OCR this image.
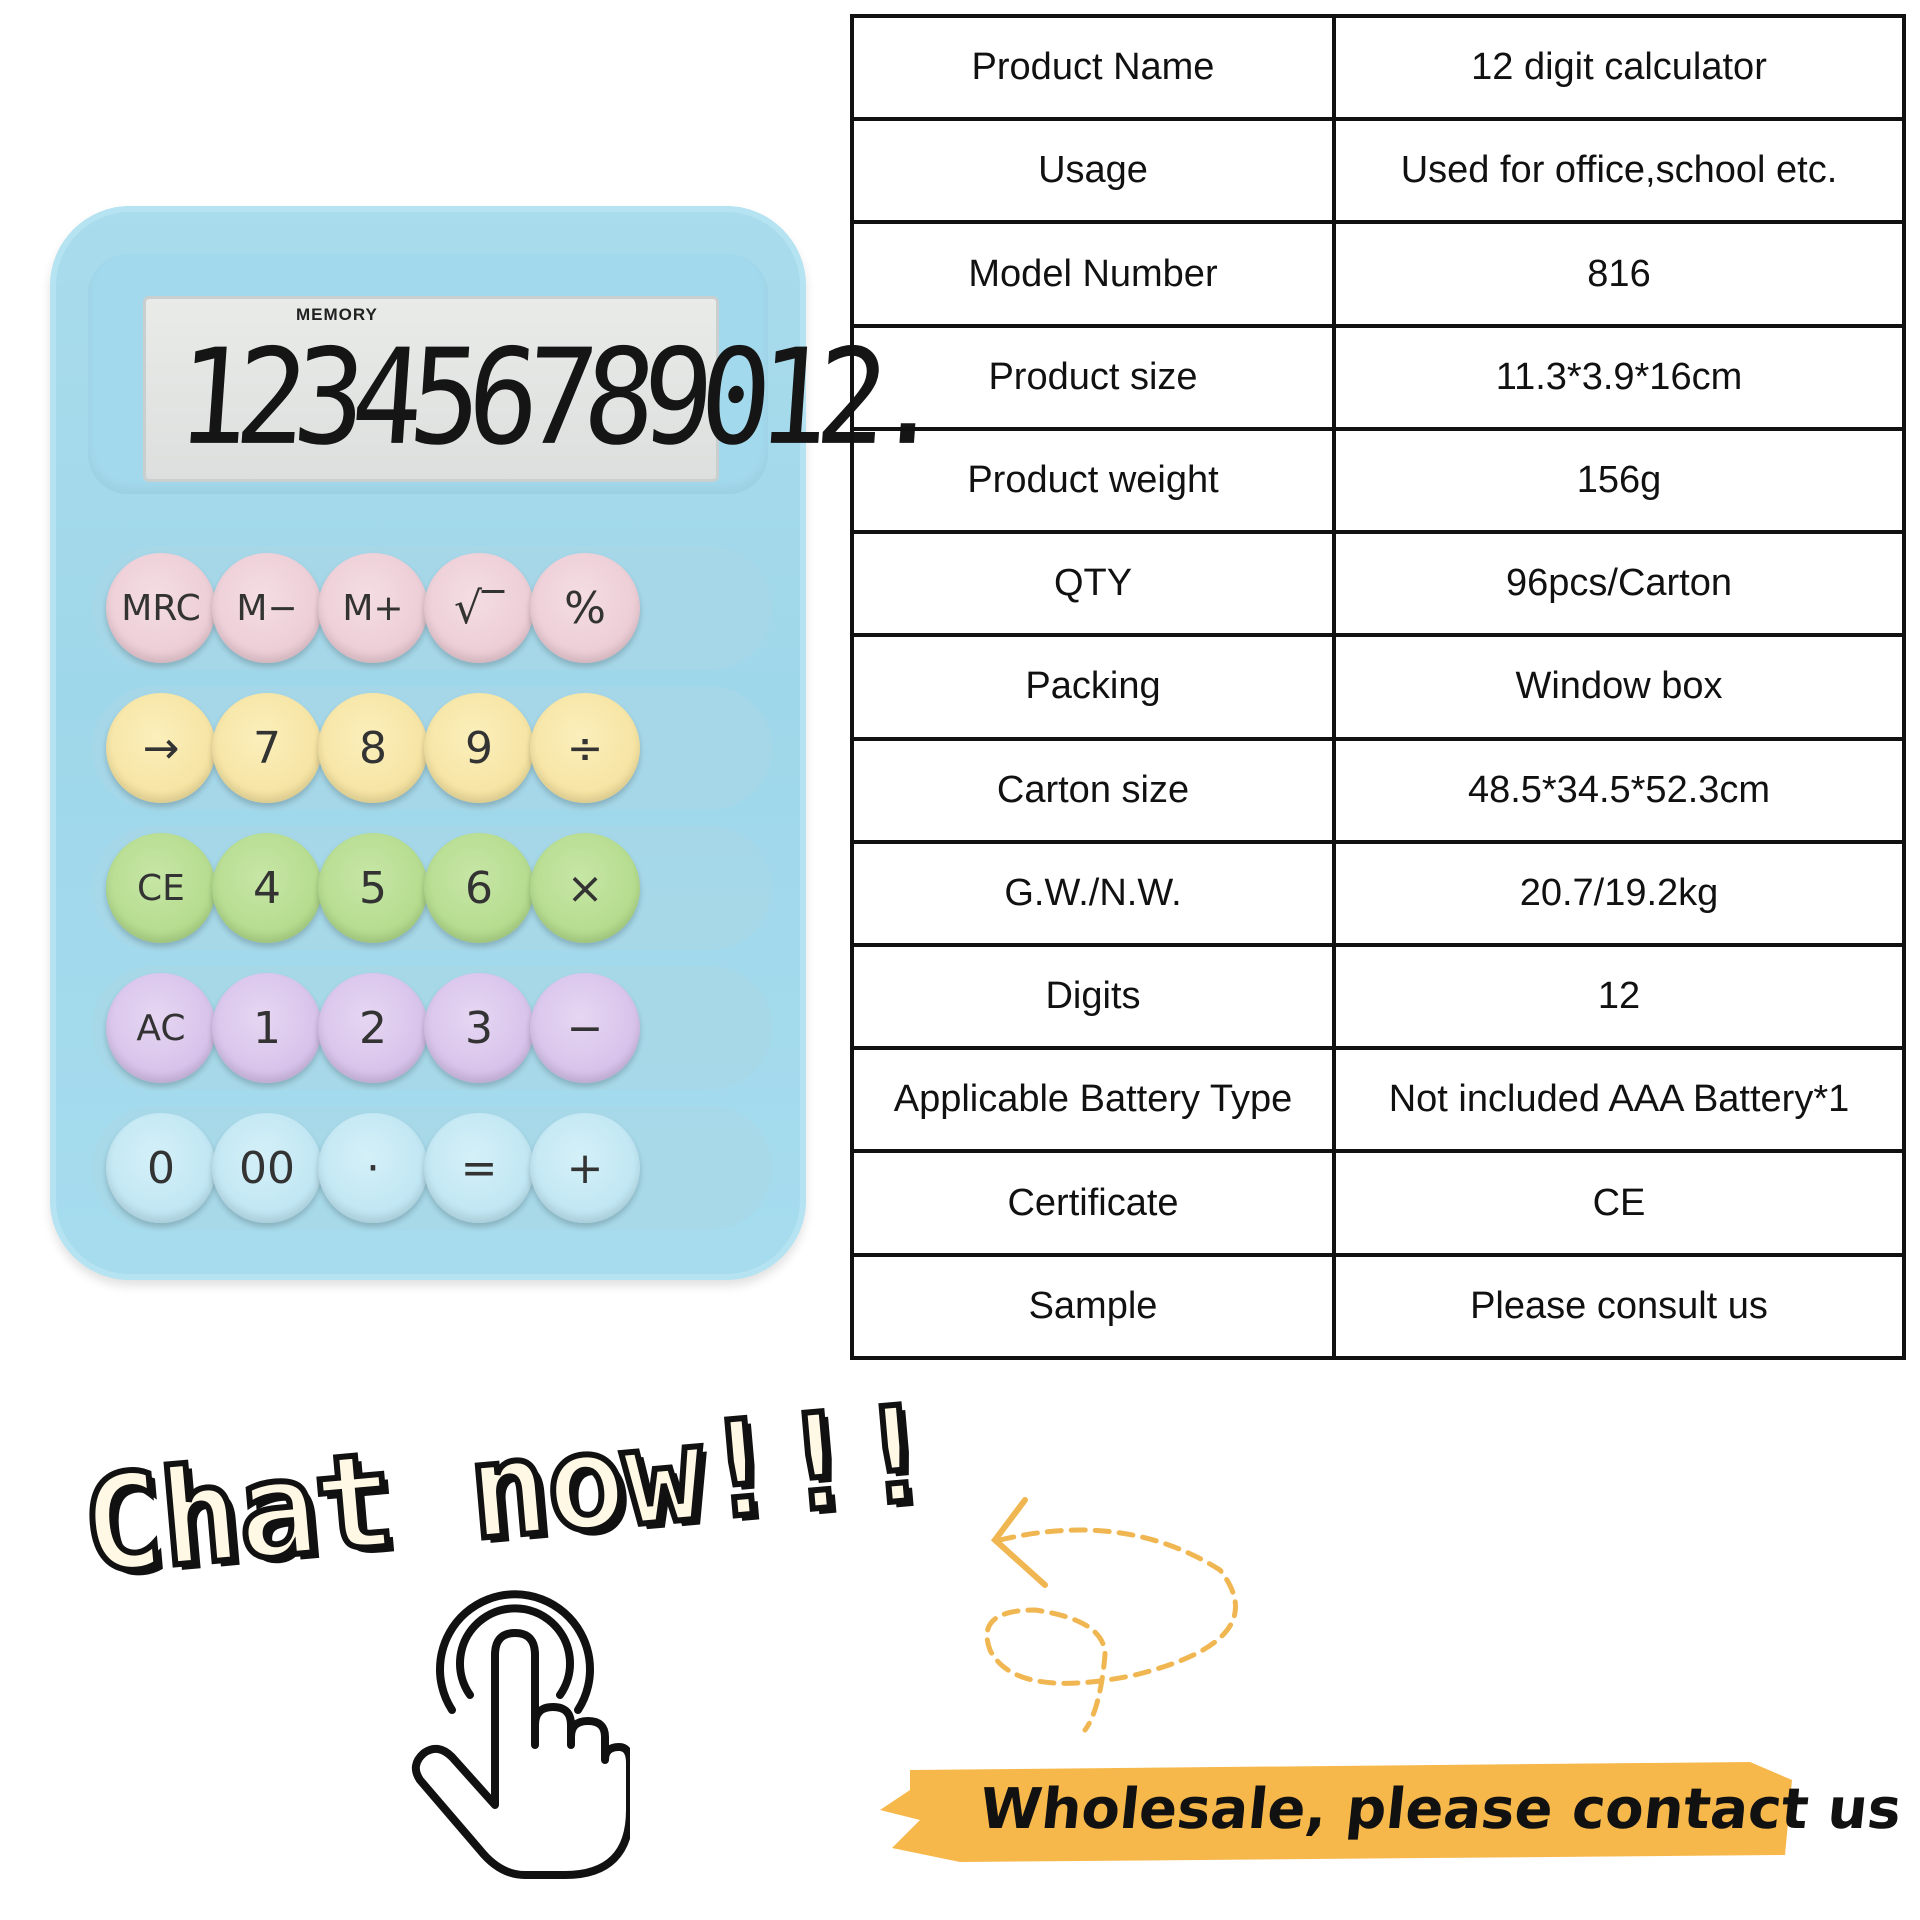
MEMORY
123456789012.
MRC M−	M+	√‾	%
→	7	8	9	÷
CE	4	5	6	×
AC	1	2	3	−
0	00	·	=	+
Product Name	12 digit calculator
Usage	Used for office,school etc.
Model Number	816
Product size	11.3*3.9*16cm
Product weight	156g
QTY	96pcs/Carton
Packing	Window box
Carton size	48.5*34.5*52.3cm
G.W./N.W.	20.7/19.2kg
Digits	12
Applicable Battery Type	Not included AAA Battery*1
Certificate	CE
Sample	Please consult us
Chat now!!!
Wholesale, please contact us
